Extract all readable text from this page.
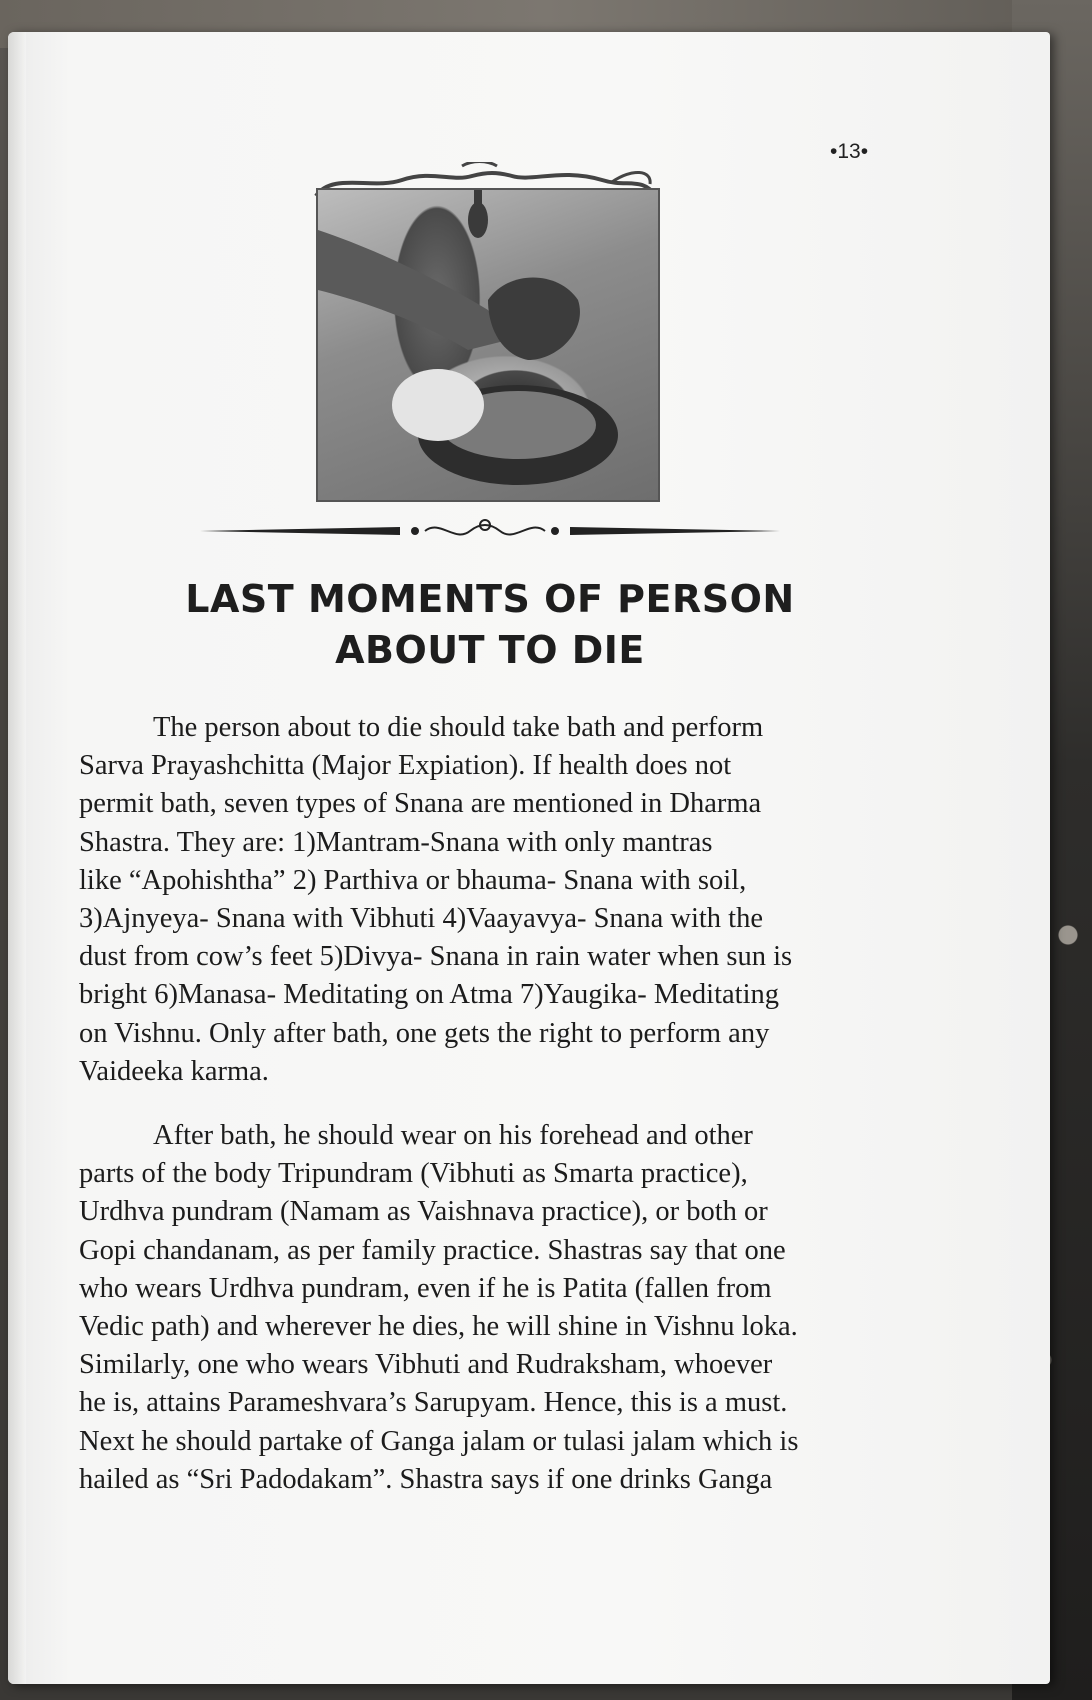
•13•
LAST MOMENTS OF PERSON
ABOUT TO DIE
The person about to die should take bath and perform
Sarva Prayashchitta (Major Expiation). If health does not
permit bath, seven types of Snana are mentioned in Dharma
Shastra. They are: 1)Mantram-Snana with only mantras
like “Apohishtha” 2) Parthiva or bhauma- Snana with soil,
3)Ajnyeya- Snana with Vibhuti 4)Vaayavya- Snana with the
dust from cow’s feet 5)Divya- Snana in rain water when sun is
bright 6)Manasa- Meditating on Atma 7)Yaugika- Meditating
on Vishnu. Only after bath, one gets the right to perform any
Vaideeka karma.
After bath, he should wear on his forehead and other
parts of the body Tripundram (Vibhuti as Smarta practice),
Urdhva pundram (Namam as Vaishnava practice), or both or
Gopi chandanam, as per family practice. Shastras say that one
who wears Urdhva pundram, even if he is Patita (fallen from
Vedic path) and wherever he dies, he will shine in Vishnu loka.
Similarly, one who wears Vibhuti and Rudraksham, whoever
he is, attains Parameshvara’s Sarupyam. Hence, this is a must.
Next he should partake of Ganga jalam or tulasi jalam which is
hailed as “Sri Padodakam”. Shastra says if one drinks Ganga
